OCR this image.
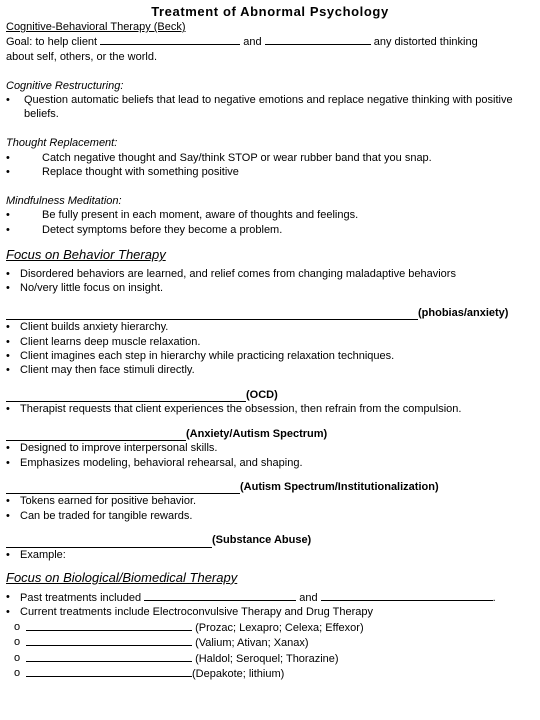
Treatment of Abnormal Psychology
Cognitive-Behavioral Therapy (Beck)
Goal: to help client	and	any distorted thinking
about self, others, or the world.
Cognitive Restructuring:
• Question automatic beliefs that lead to negative emotions and replace negative thinking with positive beliefs.
Thought Replacement:
•	Catch negative thought and Say/think STOP or wear rubber band that you snap.
•	Replace thought with something positive
Mindfulness Meditation:
•	Be fully present in each moment, aware of thoughts and feelings.
•	Detect symptoms before they become a problem.
Focus on Behavior Therapy
• Disordered behaviors are learned, and relief comes from changing maladaptive behaviors
• No/very little focus on insight.
(phobias/anxiety)
• Client builds anxiety hierarchy.
• Client learns deep muscle relaxation.
• Client imagines each step in hierarchy while practicing relaxation techniques.
• Client may then face stimuli directly.
(OCD)
• Therapist requests that client experiences the obsession, then refrain from the compulsion.
(Anxiety/Autism Spectrum)
• Designed to improve interpersonal skills.
• Emphasizes modeling, behavioral rehearsal, and shaping.
(Autism Spectrum/Institutionalization)
• Tokens earned for positive behavior.
• Can be traded for tangible rewards.
(Substance Abuse)
• Example:
Focus on Biological/Biomedical Therapy
• Past treatments included	and	.
• Current treatments include Electroconvulsive Therapy and Drug Therapy
o	(Prozac; Lexapro; Celexa; Effexor)
o	(Valium; Ativan; Xanax)
o	(Haldol; Seroquel; Thorazine)
o	(Depakote; lithium)
